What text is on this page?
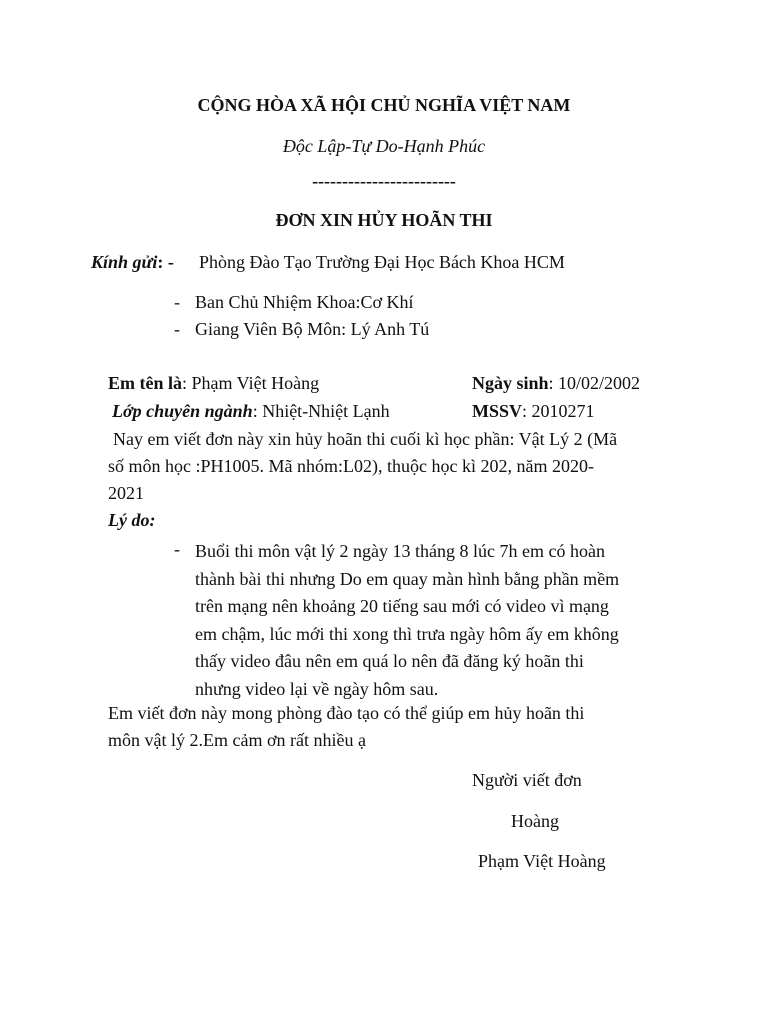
CỘNG HÒA XÃ HỘI CHỦ NGHĨA VIỆT NAM
Độc Lập-Tự Do-Hạnh Phúc
------------------------
ĐƠN XIN HỦY HOÃN THI
Kính gửi: - Phòng Đào Tạo Trường Đại Học Bách Khoa HCM
- Ban Chủ Nhiệm Khoa:Cơ Khí
- Giang Viên Bộ Môn: Lý Anh Tú
Em tên là: Phạm Việt Hoàng	Ngày sinh: 10/02/2002
Lớp chuyên ngành: Nhiệt-Nhiệt Lạnh	MSSV: 2010271
Nay em viết đơn này xin hủy hoãn thi cuối kì học phần: Vật Lý 2 (Mã
số môn học :PH1005. Mã nhóm:L02), thuộc học kì 202, năm 2020-
2021
Lý do:
- Buổi thi môn vật lý 2 ngày 13 tháng 8 lúc 7h em có hoàn
thành bài thi nhưng Do em quay màn hình bằng phần mềm
trên mạng nên khoảng 20 tiếng sau mới có video vì mạng
em chậm, lúc mới thi xong thì trưa ngày hôm ấy em không
thấy video đâu nên em quá lo nên đã đăng ký hoãn thi
nhưng video lại về ngày hôm sau.
Em viết đơn này mong phòng đào tạo có thể giúp em hủy hoãn thi
môn vật lý 2.Em cảm ơn rất nhiều ạ
Người viết đơn
Hoàng
Phạm Việt Hoàng
